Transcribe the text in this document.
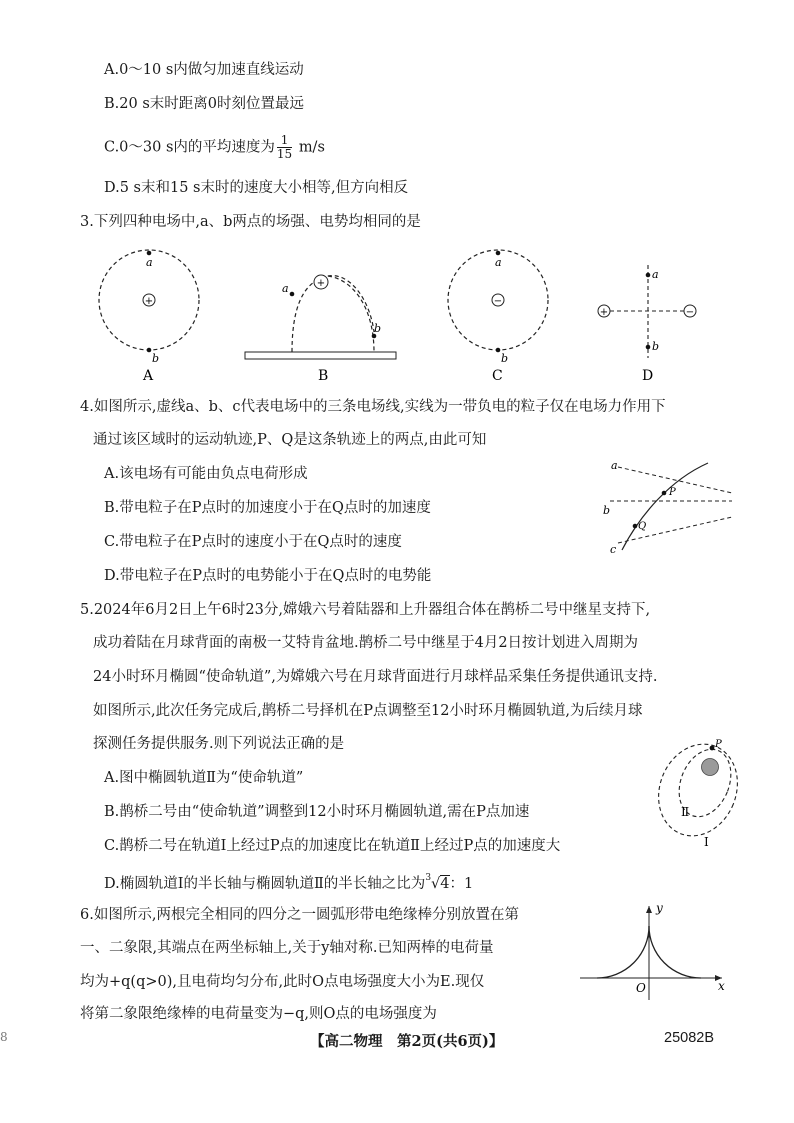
A.0～10 s内做匀加速直线运动
B.20 s末时距离0时刻位置最远
C.0～30 s内的平均速度为 $\frac{1}{15} m/s$
D.5 s末和15 s末时的速度大小相等,但方向相反
3.下列四种电场中,a、b两点的场强、电势均相同的是
+
a
b
A
+
a
b
B
−
a
b
C
+	−
a
b
D
4.如图所示,虚线a、b、c代表电场中的三条电场线,实线为一带负电的粒子仅在电场力作用下
通过该区域时的运动轨迹,P、Q是这条轨迹上的两点,由此可知
A.该电场有可能由负点电荷形成
B.带电粒子在P点时的加速度小于在Q点时的加速度
C.带电粒子在P点时的速度小于在Q点时的速度
D.带电粒子在P点时的电势能小于在Q点时的电势能
P
Q
a
b
c
5.2024年6月2日上午6时23分,嫦娥六号着陆器和上升器组合体在鹊桥二号中继星支持下,
成功着陆在月球背面的南极一艾特肯盆地.鹊桥二号中继星于4月2日按计划进入周期为
24小时环月椭圆“使命轨道”,为嫦娥六号在月球背面进行月球样品采集任务提供通讯支持.
如图所示,此次任务完成后,鹊桥二号择机在P点调整至12小时环月椭圆轨道,为后续月球
探测任务提供服务.则下列说法正确的是
A.图中椭圆轨道Ⅱ为“使命轨道”
B.鹊桥二号由“使命轨道”调整到12小时环月椭圆轨道,需在P点加速
C.鹊桥二号在轨道Ⅰ上经过P点的加速度比在轨道Ⅱ上经过P点的加速度大
D.椭圆轨道Ⅰ的半长轴与椭圆轨道Ⅱ的半长轴之比为$^3$√4：1
P
Ⅱ
Ⅰ
6.如图所示,两根完全相同的四分之一圆弧形带电绝缘棒分别放置在第
一、二象限,其端点在两坐标轴上,关于y轴对称.已知两棒的电荷量
均为+q(q>0),且电荷均匀分布,此时O点电场强度大小为E.现仅
将第二象限绝缘棒的电荷量变为−q,则O点的电场强度为
y
x
O
8	【高二物理　第2页(共6页)】	25082B
